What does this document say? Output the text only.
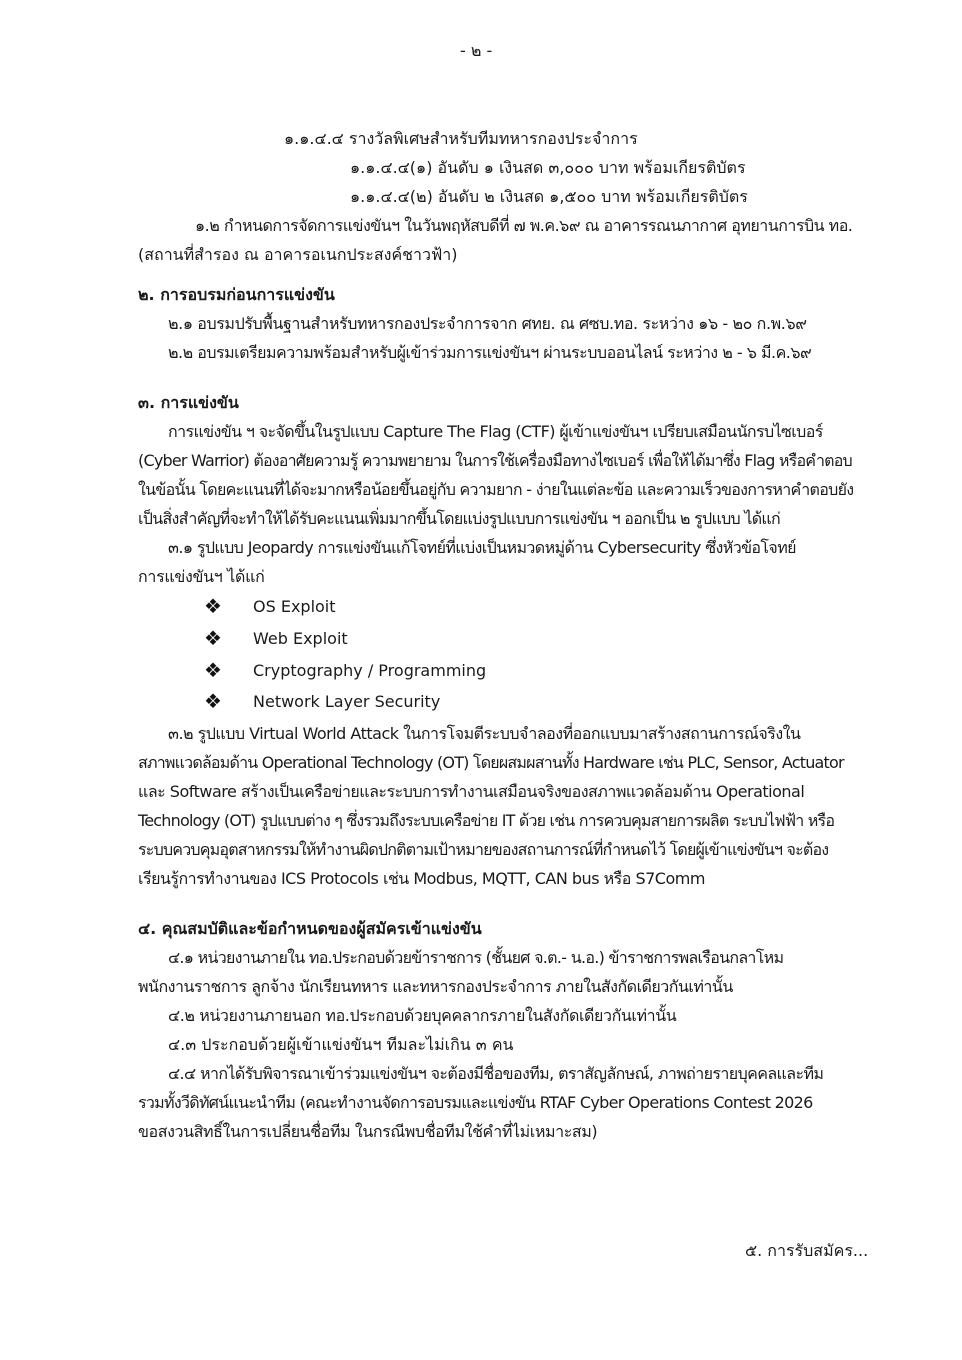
- ๒ -
๑.๑.๔.๔ รางวัลพิเศษสำหรับทีมทหารกองประจำการ
๑.๑.๔.๔(๑) อันดับ ๑ เงินสด ๓,๐๐๐ บาท พร้อมเกียรติบัตร
๑.๑.๔.๔(๒) อันดับ ๒ เงินสด ๑,๕๐๐ บาท พร้อมเกียรติบัตร
๑.๒ กำหนดการจัดการแข่งขันฯ ในวันพฤหัสบดีที่ ๗ พ.ค.๖๙ ณ อาคารรณนภากาศ อุทยานการบิน ทอ.
(สถานที่สำรอง ณ อาคารอเนกประสงค์ชาวฟ้า)
๒. การอบรมก่อนการแข่งขัน
๒.๑ อบรมปรับพื้นฐานสำหรับทหารกองประจำการจาก ศทย. ณ ศซบ.ทอ. ระหว่าง ๑๖ - ๒๐ ก.พ.๖๙
๒.๒ อบรมเตรียมความพร้อมสำหรับผู้เข้าร่วมการแข่งขันฯ ผ่านระบบออนไลน์ ระหว่าง ๒ - ๖ มี.ค.๖๙
๓. การแข่งขัน
การแข่งขัน ฯ จะจัดขึ้นในรูปแบบ Capture The Flag (CTF) ผู้เข้าแข่งขันฯ เปรียบเสมือนนักรบไซเบอร์
(Cyber Warrior) ต้องอาศัยความรู้ ความพยายาม ในการใช้เครื่องมือทางไซเบอร์ เพื่อให้ได้มาซึ่ง Flag หรือคำตอบ
ในข้อนั้น โดยคะแนนที่ได้จะมากหรือน้อยขึ้นอยู่กับ ความยาก - ง่ายในแต่ละข้อ และความเร็วของการหาคำตอบยัง
เป็นสิ่งสำคัญที่จะทำให้ได้รับคะแนนเพิ่มมากขึ้นโดยแบ่งรูปแบบการแข่งขัน ฯ ออกเป็น ๒ รูปแบบ ได้แก่
๓.๑ รูปแบบ Jeopardy การแข่งขันแก้โจทย์ที่แบ่งเป็นหมวดหมู่ด้าน Cybersecurity ซึ่งหัวข้อโจทย์
การแข่งขันฯ ได้แก่
❖ OS Exploit
❖ Web Exploit
❖ Cryptography / Programming
❖ Network Layer Security
๓.๒ รูปแบบ Virtual World Attack ในการโจมตีระบบจำลองที่ออกแบบมาสร้างสถานการณ์จริงใน
สภาพแวดล้อมด้าน Operational Technology (OT) โดยผสมผสานทั้ง Hardware เช่น PLC, Sensor, Actuator
และ Software สร้างเป็นเครือข่ายและระบบการทำงานเสมือนจริงของสภาพแวดล้อมด้าน Operational
Technology (OT) รูปแบบต่าง ๆ ซึ่งรวมถึงระบบเครือข่าย IT ด้วย เช่น การควบคุมสายการผลิต ระบบไฟฟ้า หรือ
ระบบควบคุมอุตสาหกรรมให้ทำงานผิดปกติตามเป้าหมายของสถานการณ์ที่กำหนดไว้ โดยผู้เข้าแข่งขันฯ จะต้อง
เรียนรู้การทำงานของ ICS Protocols เช่น Modbus, MQTT, CAN bus หรือ S7Comm
๔. คุณสมบัติและข้อกำหนดของผู้สมัครเข้าแข่งขัน
๔.๑ หน่วยงานภายใน ทอ.ประกอบด้วยข้าราชการ (ชั้นยศ จ.ต.- น.อ.) ข้าราชการพลเรือนกลาโหม
พนักงานราชการ ลูกจ้าง นักเรียนทหาร และทหารกองประจำการ ภายในสังกัดเดียวกันเท่านั้น
๔.๒ หน่วยงานภายนอก ทอ.ประกอบด้วยบุคคลากรภายในสังกัดเดียวกันเท่านั้น
๔.๓ ประกอบด้วยผู้เข้าแข่งขันฯ ทีมละไม่เกิน ๓ คน
๔.๔ หากได้รับพิจารณาเข้าร่วมแข่งขันฯ จะต้องมีชื่อของทีม, ตราสัญลักษณ์, ภาพถ่ายรายบุคคลและทีม
รวมทั้งวีดิทัศน์แนะนำทีม (คณะทำงานจัดการอบรมและแข่งขัน RTAF Cyber Operations Contest 2026
ขอสงวนสิทธิ์ในการเปลี่ยนชื่อทีม ในกรณีพบชื่อทีมใช้คำที่ไม่เหมาะสม)
๕. การรับสมัคร...
